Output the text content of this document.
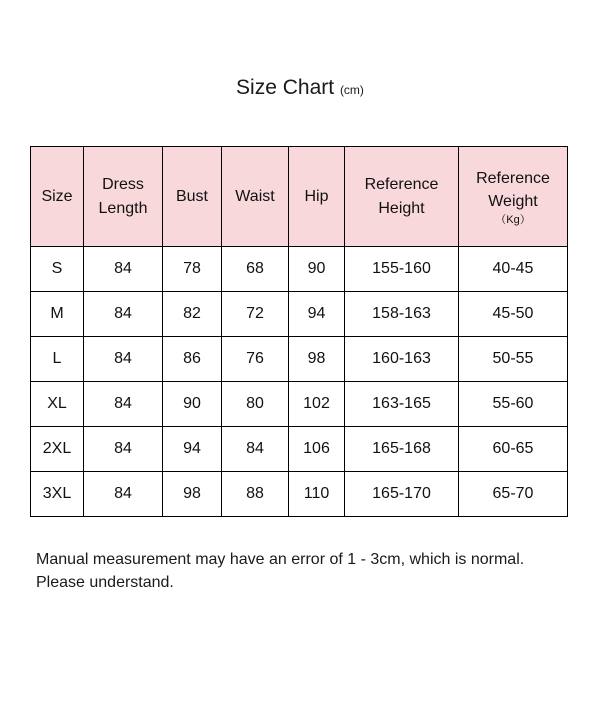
Size Chart (cm)
Size	Dress Length	Bust	Waist	Hip	Reference Height	Reference Weight
（Kg）

S	84	78	68	90	155-160	40-45
M	84	82	72	94	158-163	45-50
L	84	86	76	98	160-163	50-55
XL	84	90	80	102	163-165	55-60
2XL	84	94	84	106	165-168	60-65
3XL	84	98	88	110	165-170	65-70
Manual measurement may have an error of 1 - 3cm, which is normal.
Please understand.
